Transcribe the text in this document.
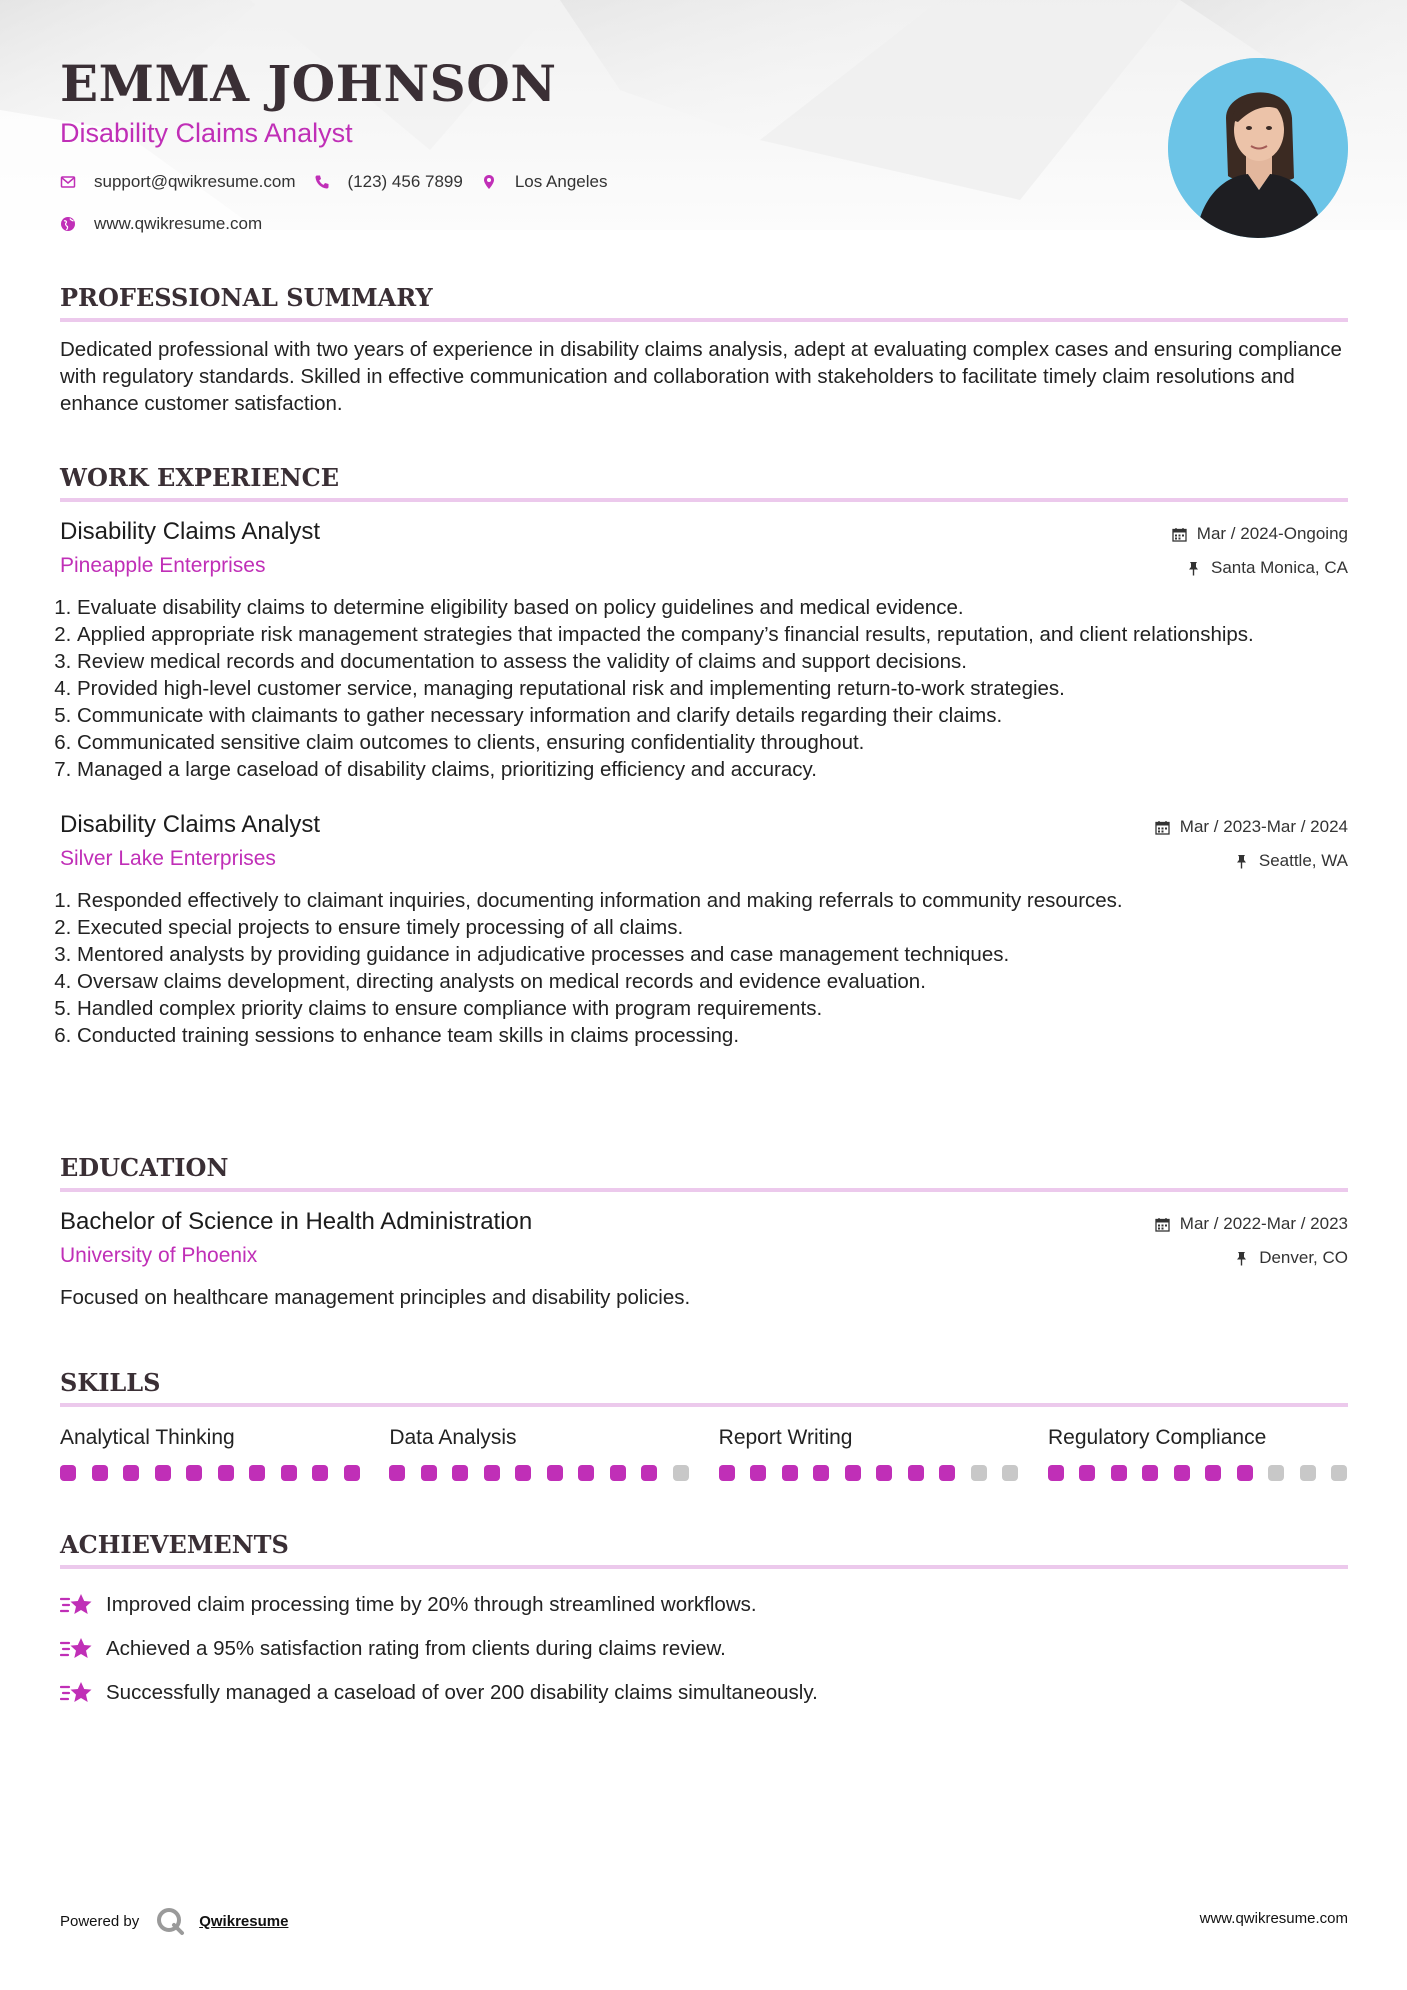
EMMA JOHNSON
Disability Claims Analyst
support@qwikresume.com	(123) 456 7899	Los Angeles
www.qwikresume.com
PROFESSIONAL SUMMARY

Dedicated professional with two years of experience in disability claims analysis, adept at evaluating complex cases and ensuring compliance with regulatory standards. Skilled in effective communication and collaboration with stakeholders to facilitate timely claim resolutions and enhance customer satisfaction.

WORK EXPERIENCE
Disability Claims Analyst	Mar / 2024-Ongoing
Pineapple Enterprises	Santa Monica, CA
1. Evaluate disability claims to determine eligibility based on policy guidelines and medical evidence.
2. Applied appropriate risk management strategies that impacted the company’s financial results, reputation, and client relationships.
3. Review medical records and documentation to assess the validity of claims and support decisions.
4. Provided high-level customer service, managing reputational risk and implementing return-to-work strategies.
5. Communicate with claimants to gather necessary information and clarify details regarding their claims.
6. Communicated sensitive claim outcomes to clients, ensuring confidentiality throughout.
7. Managed a large caseload of disability claims, prioritizing efficiency and accuracy.
Disability Claims Analyst	Mar / 2023-Mar / 2024
Silver Lake Enterprises	Seattle, WA
1. Responded effectively to claimant inquiries, documenting information and making referrals to community resources.
2. Executed special projects to ensure timely processing of all claims.
3. Mentored analysts by providing guidance in adjudicative processes and case management techniques.
4. Oversaw claims development, directing analysts on medical records and evidence evaluation.
5. Handled complex priority claims to ensure compliance with program requirements.
6. Conducted training sessions to enhance team skills in claims processing.
EDUCATION
Bachelor of Science in Health Administration	Mar / 2022-Mar / 2023
University of Phoenix	Denver, CO

Focused on healthcare management principles and disability policies.

SKILLS
Analytical Thinking	Data Analysis	Report Writing	Regulatory Compliance
ACHIEVEMENTS
Improved claim processing time by 20% through streamlined workflows.
Achieved a 95% satisfaction rating from clients during claims review.
Successfully managed a caseload of over 200 disability claims simultaneously.
Powered by	Qwikresume	www.qwikresume.com
